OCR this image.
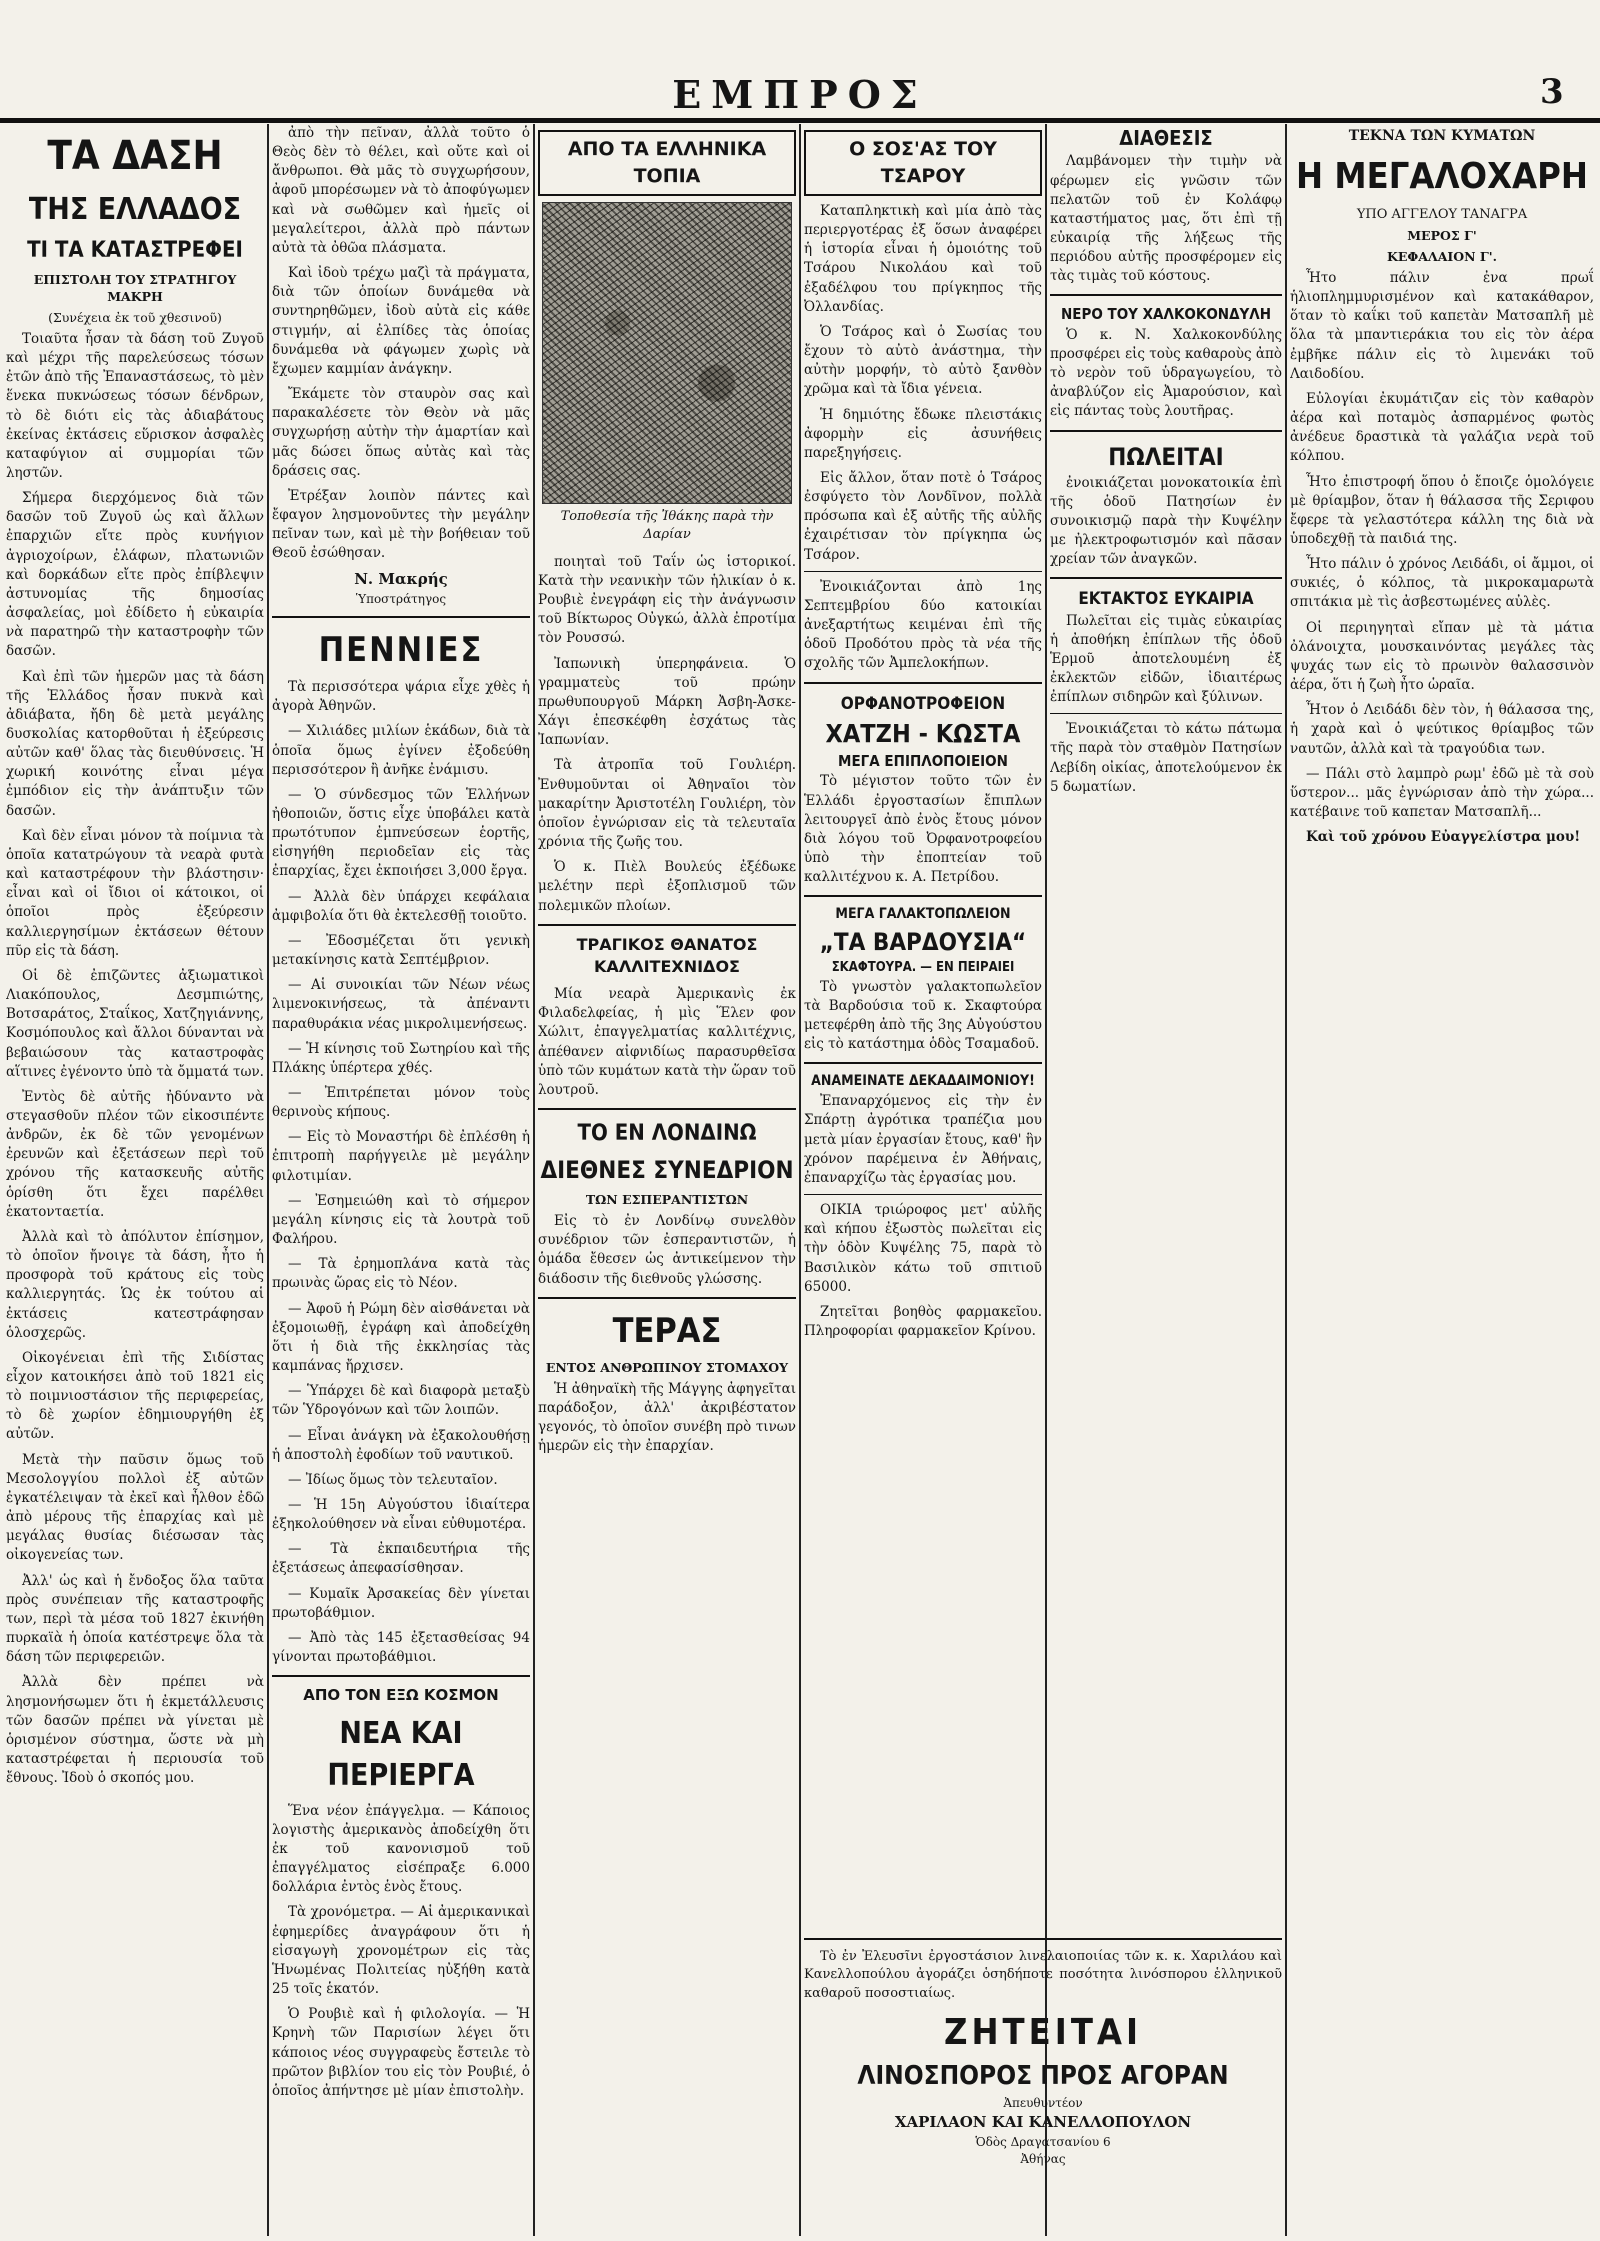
ΕΜΠΡΟΣ	3
ΤΑ ΔΑΣΗ
ΤΗΣ ΕΛΛΑΔΟΣ
ΤΙ ΤΑ ΚΑΤΑΣΤΡΕΦΕΙ
ΕΠΙΣΤΟΛΗ ΤΟΥ ΣΤΡΑΤΗΓΟΥ ΜΑΚΡΗ
(Συνέχεια ἐκ τοῦ χθεσινοῦ)

Τοιαῦτα ἦσαν τὰ δάση τοῦ Ζυγοῦ καὶ μέχρι τῆς παρελεύσεως τόσων ἐτῶν ἀπὸ τῆς Ἐπαναστάσεως, τὸ μὲν ἕνεκα πυκνώσεως τόσων δένδρων, τὸ δὲ διότι εἰς τὰς ἀδιαβάτους ἐκείνας ἐκτάσεις εὕρισκον ἀσφαλὲς καταφύγιον αἱ συμμορίαι τῶν ληστῶν.

Σήμερα διερχόμενος διὰ τῶν δασῶν τοῦ Ζυγοῦ ὡς καὶ ἄλλων ἐπαρχιῶν εἴτε πρὸς κυνήγιον ἀγριοχοίρων, ἐλάφων, πλατωνιῶν καὶ δορκάδων εἴτε πρὸς ἐπίβλεψιν ἀστυνομίας τῆς δημοσίας ἀσφαλείας, μοὶ ἐδίδετο ἡ εὐκαιρία νὰ παρατηρῶ τὴν καταστροφὴν τῶν δασῶν.

Καὶ ἐπὶ τῶν ἡμερῶν μας τὰ δάση τῆς Ἑλλάδος ἦσαν πυκνὰ καὶ ἀδιάβατα, ἤδη δὲ μετὰ μεγάλης δυσκολίας κατορθοῦται ἡ ἐξεύρεσις αὐτῶν καθ' ὅλας τὰς διευθύνσεις. Ἡ χωρική κοινότης εἶναι μέγα ἐμπόδιον εἰς τὴν ἀνάπτυξιν τῶν δασῶν.

Καὶ δὲν εἶναι μόνον τὰ ποίμνια τὰ ὁποῖα κατατρώγουν τὰ νεαρὰ φυτὰ καὶ καταστρέφουν τὴν βλάστησιν· εἶναι καὶ οἱ ἴδιοι οἱ κάτοικοι, οἱ ὁποῖοι πρὸς ἐξεύρεσιν καλλιεργησίμων ἐκτάσεων θέτουν πῦρ εἰς τὰ δάση.

Οἱ δὲ ἐπιζῶντες ἀξιωματικοὶ Λιακόπουλος, Δεσμπιώτης, Βοτσαράτος, Σταΐκος, Χατζηγιάννης, Κοσμόπουλος καὶ ἄλλοι δύνανται νὰ βεβαιώσουν τὰς καταστροφὰς αἵτινες ἐγένοντο ὑπὸ τὰ ὄμματά των.

Ἐντὸς δὲ αὐτῆς ἠδύναντο νὰ στεγασθοῦν πλέον τῶν εἰκοσιπέντε ἀνδρῶν, ἐκ δὲ τῶν γενομένων ἐρευνῶν καὶ ἐξετάσεων περὶ τοῦ χρόνου τῆς κατασκευῆς αὐτῆς ὁρίσθη ὅτι ἔχει παρέλθει ἑκατονταετία.

Ἀλλὰ καὶ τὸ ἀπόλυτον ἐπίσημον, τὸ ὁποῖον ἤνοιγε τὰ δάση, ἦτο ἡ προσφορὰ τοῦ κράτους εἰς τοὺς καλλιεργητάς. Ὡς ἐκ τούτου αἱ ἐκτάσεις κατεστράφησαν ὁλοσχερῶς.

Οἰκογένειαι ἐπὶ τῆς Σιδίστας εἶχον κατοικήσει ἀπὸ τοῦ 1821 εἰς τὸ ποιμνιοστάσιον τῆς περιφερείας, τὸ δὲ χωρίον ἐδημιουργήθη ἐξ αὐτῶν.

Μετὰ τὴν παῦσιν ὅμως τοῦ Μεσολογγίου πολλοὶ ἐξ αὐτῶν ἐγκατέλειψαν τὰ ἐκεῖ καὶ ἦλθον ἐδῶ ἀπὸ μέρους τῆς ἐπαρχίας καὶ μὲ μεγάλας θυσίας διέσωσαν τὰς οἰκογενείας των.

Ἀλλ' ὡς καὶ ἡ ἔνδοξος ὅλα ταῦτα πρὸς συνέπειαν τῆς καταστροφῆς των, περὶ τὰ μέσα τοῦ 1827 ἐκινήθη πυρκαϊὰ ἡ ὁποία κατέστρεψε ὅλα τὰ δάση τῶν περιφερειῶν.

Ἀλλὰ δὲν πρέπει νὰ λησμονήσωμεν ὅτι ἡ ἐκμετάλλευσις τῶν δασῶν πρέπει νὰ γίνεται μὲ ὁρισμένον σύστημα, ὥστε νὰ μὴ καταστρέφεται ἡ περιουσία τοῦ ἔθνους. Ἰδοὺ ὁ σκοπός μου.

ἀπὸ τὴν πεῖναν, ἀλλὰ τοῦτο ὁ Θεὸς δὲν τὸ θέλει, καὶ οὔτε καὶ οἱ ἄνθρωποι. Θὰ μᾶς τὸ συγχωρήσουν, ἀφοῦ μπορέσωμεν νὰ τὸ ἀποφύγωμεν καὶ νὰ σωθῶμεν καὶ ἡμεῖς οἱ μεγαλείτεροι, ἀλλὰ πρὸ πάντων αὐτὰ τὰ ὀθῶα πλάσματα.

Καὶ ἰδοὺ τρέχω μαζὶ τὰ πράγματα, διὰ τῶν ὁποίων δυνάμεθα νὰ συντηρηθῶμεν, ἰδοὺ αὐτὰ εἰς κάθε στιγμήν, αἱ ἐλπίδες τὰς ὁποίας δυνάμεθα νὰ φάγωμεν χωρὶς νὰ ἔχωμεν καμμίαν ἀνάγκην.

Ἔκάμετε τὸν σταυρὸν σας καὶ παρακαλέσετε τὸν Θεὸν νὰ μᾶς συγχωρήσῃ αὐτὴν τὴν ἁμαρτίαν καὶ μᾶς δώσει ὅπως αὐτὰς καὶ τὰς δράσεις σας.

Ἐτρέξαν λοιπὸν πάντες καὶ ἔφαγον λησμονοῦντες τὴν μεγάλην πεῖναν των, καὶ μὲ τὴν βοήθειαν τοῦ Θεοῦ ἐσώθησαν.

Ν. Μακρής
Ὑποστράτηγος
ΠΕΝΝΙΕΣ

Τὰ περισσότερα ψάρια εἶχε χθὲς ἡ ἀγορὰ Ἀθηνῶν.

— Χιλιάδες μιλίων ἑκάδων, διὰ τὰ ὁποῖα ὅμως ἐγίνεν ἐξοδεύθη περισσότερον ἢ ἀνῆκε ἐνάμισυ.

— Ὁ σύνδεσμος τῶν Ἑλλήνων ἠθοποιῶν, ὅστις εἶχε ὑποβάλει κατὰ πρωτότυπον ἐμπνεύσεων ἑορτῆς, εἰσηγήθη περιοδεῖαν εἰς τὰς ἐπαρχίας, ἔχει ἐκποιήσει 3,000 ἔργα.

— Ἀλλὰ δὲν ὑπάρχει κεφάλαια ἀμφιβολία ὅτι θὰ ἐκτελεσθῇ τοιοῦτο.

— Ἐδοσμέζεται ὅτι γενικὴ μετακίνησις κατὰ Σεπτέμβριον.

— Αἱ συνοικίαι τῶν Νέων νέως λιμενοκινήσεως, τὰ ἀπέναντι παραθυράκια νέας μικρολιμενήσεως.

— Ἡ κίνησις τοῦ Σωτηρίου καὶ τῆς Πλάκης ὑπέρτερα χθές.

— Ἐπιτρέπεται μόνον τοὺς θερινοὺς κήπους.

— Εἰς τὸ Μοναστήρι δὲ ἐπλέσθη ἡ ἐπιτροπὴ παρήγγειλε μὲ μεγάλην φιλοτιμίαν.

— Ἐσημειώθη καὶ τὸ σήμερον μεγάλη κίνησις εἰς τὰ λουτρὰ τοῦ Φαλήρου.

— Τὰ ἐρημοπλάνα κατὰ τὰς πρωινὰς ὥρας εἰς τὸ Νέον.

— Ἀφοῦ ἡ Ρώμη δὲν αἰσθάνεται νὰ ἐξομοιωθῇ, ἐγράφη καὶ ἀποδείχθη ὅτι ἡ διὰ τῆς ἐκκλησίας τὰς καμπάνας ἤρχισεν.

— Ὑπάρχει δὲ καὶ διαφορὰ μεταξὺ τῶν Ὑδρογόνων καὶ τῶν λοιπῶν.

— Εἶναι ἀνάγκη νὰ ἐξακολουθήσῃ ἡ ἀποστολὴ ἐφοδίων τοῦ ναυτικοῦ.

— Ἰδίως ὅμως τὸν τελευταῖον.

— Ἡ 15η Αὐγούστου ἰδιαίτερα ἐξηκολούθησεν νὰ εἶναι εὐθυμοτέρα.

— Τὰ ἐκπαιδευτήρια τῆς ἐξετάσεως ἀπεφασίσθησαν.

— Κυμαῖκ Ἀρσακείας δὲν γίνεται πρωτοβάθμιον.

— Ἀπὸ τὰς 145 ἐξετασθείσας 94 γίνονται πρωτοβάθμιοι.

ΑΠΟ ΤΟΝ ΕΞΩ ΚΟΣΜΟΝ
ΝΕΑ ΚΑΙ ΠΕΡΙΕΡΓΑ

Ἕνα νέον ἐπάγγελμα. — Κάποιος λογιστὴς ἀμερικανὸς ἀποδείχθη ὅτι ἐκ τοῦ κανονισμοῦ τοῦ ἐπαγγέλματος εἰσέπραξε 6.000 δολλάρια ἐντὸς ἑνὸς ἔτους.

Τὰ χρονόμετρα. — Αἱ ἀμερικανικαὶ ἐφημερίδες ἀναγράφουν ὅτι ἡ εἰσαγωγὴ χρονομέτρων εἰς τὰς Ἡνωμένας Πολιτείας ηὐξήθη κατὰ 25 τοῖς ἑκατόν.

Ὁ Ρουβιὲ καὶ ἡ φιλολογία. — Ἡ Κρηνὴ τῶν Παρισίων λέγει ὅτι κάποιος νέος συγγραφεὺς ἔστειλε τὸ πρῶτον βιβλίον του εἰς τὸν Ρουβιέ, ὁ ὁποῖος ἀπήντησε μὲ μίαν ἐπιστολὴν.

ΑΠΟ ΤΑ ΕΛΛΗΝΙΚΑ ΤΟΠΙΑ
Τοποθεσία τῆς Ἰθάκης παρὰ τὴν Δαρίαν

ποιηταὶ τοῦ Ταΐν ὡς ἱστορικοί. Κατὰ τὴν νεανικὴν τῶν ἡλικίαν ὁ κ. Ρουβιὲ ἐνεγράφη εἰς τὴν ἀνάγνωσιν τοῦ Βίκτωρος Οὐγκώ, ἀλλὰ ἐπροτίμα τὸν Ρουσσώ.

Ἰαπωνικὴ ὑπερηφάνεια. Ὁ γραμματεὺς τοῦ πρώην πρωθυπουργοῦ Μάρκη Ἀσβη-Ἀσκε-Χάγι ἐπεσκέφθη ἐσχάτως τὰς Ἰαπωνίαν.

Τὰ ἀτροπῖα τοῦ Γουλιέρη. Ἐνθυμοῦνται οἱ Ἀθηναῖοι τὸν μακαρίτην Ἀριστοτέλη Γουλιέρη, τὸν ὁποῖον ἐγνώρισαν εἰς τὰ τελευταῖα χρόνια τῆς ζωῆς του.

Ὁ κ. Πιὲλ Βουλεύς ἐξέδωκε μελέτην περὶ ἐξοπλισμοῦ τῶν πολεμικῶν πλοίων.

ΤΡΑΓΙΚΟΣ ΘΑΝΑΤΟΣ ΚΑΛΛΙΤΕΧΝΙΔΟΣ

Μία νεαρὰ Ἀμερικανὶς ἐκ Φιλαδελφείας, ἡ μὶς Ἕλεν φον Χώλιτ, ἐπαγγελματίας καλλιτέχνις, ἀπέθανεν αἰφνιδίως παρασυρθεῖσα ὑπὸ τῶν κυμάτων κατὰ τὴν ὥραν τοῦ λουτροῦ.

ΤΟ ΕΝ ΛΟΝΔΙΝΩ
ΔΙΕΘΝΕΣ ΣΥΝΕΔΡΙΟΝ
ΤΩΝ ΕΣΠΕΡΑΝΤΙΣΤΩΝ

Εἰς τὸ ἐν Λονδίνῳ συνελθὸν συνέδριον τῶν ἐσπεραντιστῶν, ἡ ὁμάδα ἔθεσεν ὡς ἀντικείμενον τὴν διάδοσιν τῆς διεθνοῦς γλώσσης.

ΤΕΡΑΣ
ΕΝΤΟΣ ΑΝΘΡΩΠΙΝΟΥ ΣΤΟΜΑΧΟΥ

Ἡ ἀθηναϊκὴ τῆς Μάγγης ἀφηγεῖται παράδοξον, ἀλλ' ἀκριβέστατον γεγονός, τὸ ὁποῖον συνέβη πρὸ τινων ἡμερῶν εἰς τὴν ἐπαρχίαν.

Ο ΣΟΣ'ΑΣ ΤΟΥ ΤΣΑΡΟΥ

Καταπληκτικὴ καὶ μία ἀπὸ τὰς περιεργοτέρας ἐξ ὅσων ἀναφέρει ἡ ἱστορία εἶναι ἡ ὁμοιότης τοῦ Τσάρου Νικολάου καὶ τοῦ ἐξαδέλφου του πρίγκηπος τῆς Ὀλλανδίας.

Ὁ Τσάρος καὶ ὁ Σωσίας του ἔχουν τὸ αὐτὸ ἀνάστημα, τὴν αὐτὴν μορφήν, τὸ αὐτὸ ξανθὸν χρῶμα καὶ τὰ ἴδια γένεια.

Ἡ δημιότης ἔδωκε πλειστάκις ἀφορμὴν εἰς ἀσυνήθεις παρεξηγήσεις.

Εἰς ἄλλον, ὅταν ποτὲ ὁ Τσάρος ἐσφύγετο τὸν Λονδῖνον, πολλὰ πρόσωπα καὶ ἐξ αὐτῆς τῆς αὐλῆς ἐχαιρέτισαν τὸν πρίγκηπα ὡς Τσάρον.

Ἐνοικιάζονται ἀπὸ 1ης Σεπτεμβρίου δύο κατοικίαι ἀνεξαρτήτως κειμέναι ἐπὶ τῆς ὁδοῦ Προδότου πρὸς τὰ νέα τῆς σχολῆς τῶν Ἀμπελοκήπων.

ΟΡΦΑΝΟΤΡΟΦΕΙΟΝ
ΧΑΤΖΗ - ΚΩΣΤΑ
ΜΕΓΑ ΕΠΙΠΛΟΠΟΙΕΙΟΝ

Τὸ μέγιστον τοῦτο τῶν ἐν Ἑλλάδι ἐργοστασίων ἔπιπλων λειτουργεῖ ἀπὸ ἐνὸς ἔτους μόνον διὰ λόγου τοῦ Ὀρφανοτροφείου ὑπὸ τὴν ἐποπτείαν τοῦ καλλιτέχνου κ. Α. Πετρίδου.

ΜΕΓΑ ΓΑΛΑΚΤΟΠΩΛΕΙΟΝ
„ΤΑ ΒΑΡΔΟΥΣΙΑ“
ΣΚΑΦΤΟΥΡΑ. — ΕΝ ΠΕΙΡΑΙΕΙ

Τὸ γνωστὸν γαλακτοπωλεῖον τὰ Βαρδούσια τοῦ κ. Σκαφτούρα μετεφέρθη ἀπὸ τῆς 3ης Αὐγούστου εἰς τὸ κατάστημα ὁδὸς Τσαμαδοῦ.

ΑΝΑΜΕΙΝΑΤΕ ΔΕΚΑΔΑΙΜΟΝΙΟΥ!

Ἐπαναρχόμενος εἰς τὴν ἐν Σπάρτῃ ἀγρότικα τραπέζια μου μετὰ μίαν ἐργασίαν ἔτους, καθ' ἣν χρόνον παρέμεινα ἐν Ἀθήναις, ἐπαναρχίζω τὰς ἐργασίας μου.

ΟΙΚΙΑ τριώροφος μετ' αὐλῆς καὶ κήπου ἐξωστὸς πωλεῖται εἰς τὴν ὁδὸν Κυψέλης 75, παρὰ τὸ Βασιλικὸν κάτω τοῦ σπιτιοῦ 65000.

Ζητεῖται βοηθὸς φαρμακεῖου. Πληροφορίαι φαρμακεῖον Κρίνου.

ΔΙΑΘΕΣΙΣ

Λαμβάνομεν τὴν τιμὴν νὰ φέρωμεν εἰς γνῶσιν τῶν πελατῶν τοῦ ἐν Κολάφῳ καταστήματος μας, ὅτι ἐπὶ τῇ εὐκαιρίᾳ τῆς λήξεως τῆς περιόδου αὐτῆς προσφέρομεν εἰς τὰς τιμὰς τοῦ κόστους.

ΝΕΡΟ ΤΟΥ ΧΑΛΚΟΚΟΝΔΥΛΗ

Ὁ κ. Ν. Χαλκοκονδύλης προσφέρει εἰς τοὺς καθαροὺς ἀπὸ τὸ νερὸν τοῦ ὑδραγωγείου, τὸ ἀναβλύζον εἰς Ἀμαρούσιον, καὶ εἰς πάντας τοὺς λουτῆρας.

ΠΩΛΕΙΤΑΙ

ἐνοικιάζεται μονοκατοικία ἐπὶ τῆς ὁδοῦ Πατησίων ἐν συνοικισμῷ παρὰ τὴν Κυψέλην με ἠλεκτροφωτισμόν καὶ πᾶσαν χρείαν τῶν ἀναγκῶν.

ΕΚΤΑΚΤΟΣ ΕΥΚΑΙΡΙΑ

Πωλεῖται εἰς τιμὰς εὐκαιρίας ἡ ἀποθήκη ἐπίπλων τῆς ὁδοῦ Ἑρμοῦ ἀποτελουμένη ἐξ ἐκλεκτῶν εἰδῶν, ἰδιαιτέρως ἐπίπλων σιδηρῶν καὶ ξύλινων.

Ἐνοικιάζεται τὸ κάτω πάτωμα τῆς παρὰ τὸν σταθμὸν Πατησίων Λεβίδη οἰκίας, ἀποτελούμενον ἐκ 5 δωματίων.

ΤΕΚΝΑ ΤΩΝ ΚΥΜΑΤΩΝ
Η ΜΕΓΑΛΟΧΑΡΗ
ΥΠΟ ΑΓΓΕΛΟΥ ΤΑΝΑΓΡΑ
ΜΕΡΟΣ Γ'
ΚΕΦΑΛΑΙΟΝ Γ'.

Ἦτο πάλιν ἐνα πρωΐ ἡλιοπλημμυρισμένον καὶ κατακάθαρον, ὅταν τὸ καΐκι τοῦ καπετὰν Ματσαπλῆ μὲ ὅλα τὰ μπαντιεράκια του εἰς τὸν ἀέρα ἐμβῆκε πάλιν εἰς τὸ λιμενάκι τοῦ Λαιδοδίου.

Εὐλογίαι ἐκυμάτιζαν εἰς τὸν καθαρὸν ἀέρα καὶ ποταμὸς ἀσπαρμένος φωτὸς ἀνέδευε δραστικὰ τὰ γαλάζια νερὰ τοῦ κόλπου.

Ἦτο ἐπιστροφή ὅπου ὁ ἔποιζε ὁμολόγειε μὲ θρίαμβον, ὅταν ἡ θάλασσα τῆς Σεριφου ἔφερε τὰ γελαστότερα κάλλη της διὰ νὰ ὑποδεχθῇ τὰ παιδιά της.

Ἦτο πάλιν ὁ χρόνος Λειδάδι, οἱ ἄμμοι, οἱ συκιές, ὁ κόλπος, τὰ μικροκαμαρωτὰ σπιτάκια μὲ τὶς ἀσβεστωμένες αὐλὲς.

Οἱ περιηγηταὶ εἴπαν μὲ τὰ μάτια ὀλάνοιχτα, μουσκαινόντας μεγάλες τὰς ψυχάς των εἰς τὸ πρωινὸν θαλασσινὸν ἀέρα, ὅτι ἡ ζωὴ ἦτο ὡραῖα.

Ἦτον ὁ Λειδάδι δὲν τὸν, ἡ θάλασσα της, ἡ χαρὰ καὶ ὁ ψεύτικος θρίαμβος τῶν ναυτῶν, ἀλλὰ καὶ τὰ τραγούδια των.

— Πάλι στὸ λαμπρὸ ρωμ' ἐδῶ μὲ τὰ σοὺ ὕστερον... μᾶς ἐγνώρισαν ἀπὸ τὴν χώρα... κατέβαινε τοῦ καπεταν Ματσαπλῆ...

Καὶ τοῦ χρόνου Εὐαγγελίστρα μου!

Τὸ ἐν Ἐλευσῖνι ἐργοστάσιον λινελαιοποιίας τῶν κ. κ. Χαριλάου καὶ Κανελλοπούλου ἀγοράζει ὁσηδήποτε ποσότητα λινόσπορου ἑλληνικοῦ καθαροῦ ποσοστιαίως.

ΖΗΤΕΙΤΑΙ
ΛΙΝΟΣΠΟΡΟΣ ΠΡΟΣ ΑΓΟΡΑΝ
Ἀπευθυντέον
ΧΑΡΙΛΑΟΝ ΚΑΙ ΚΑΝΕΛΛΟΠΟΥΛΟΝ
Ὁδὸς Δραγατσανίου 6
Ἀθήνας
